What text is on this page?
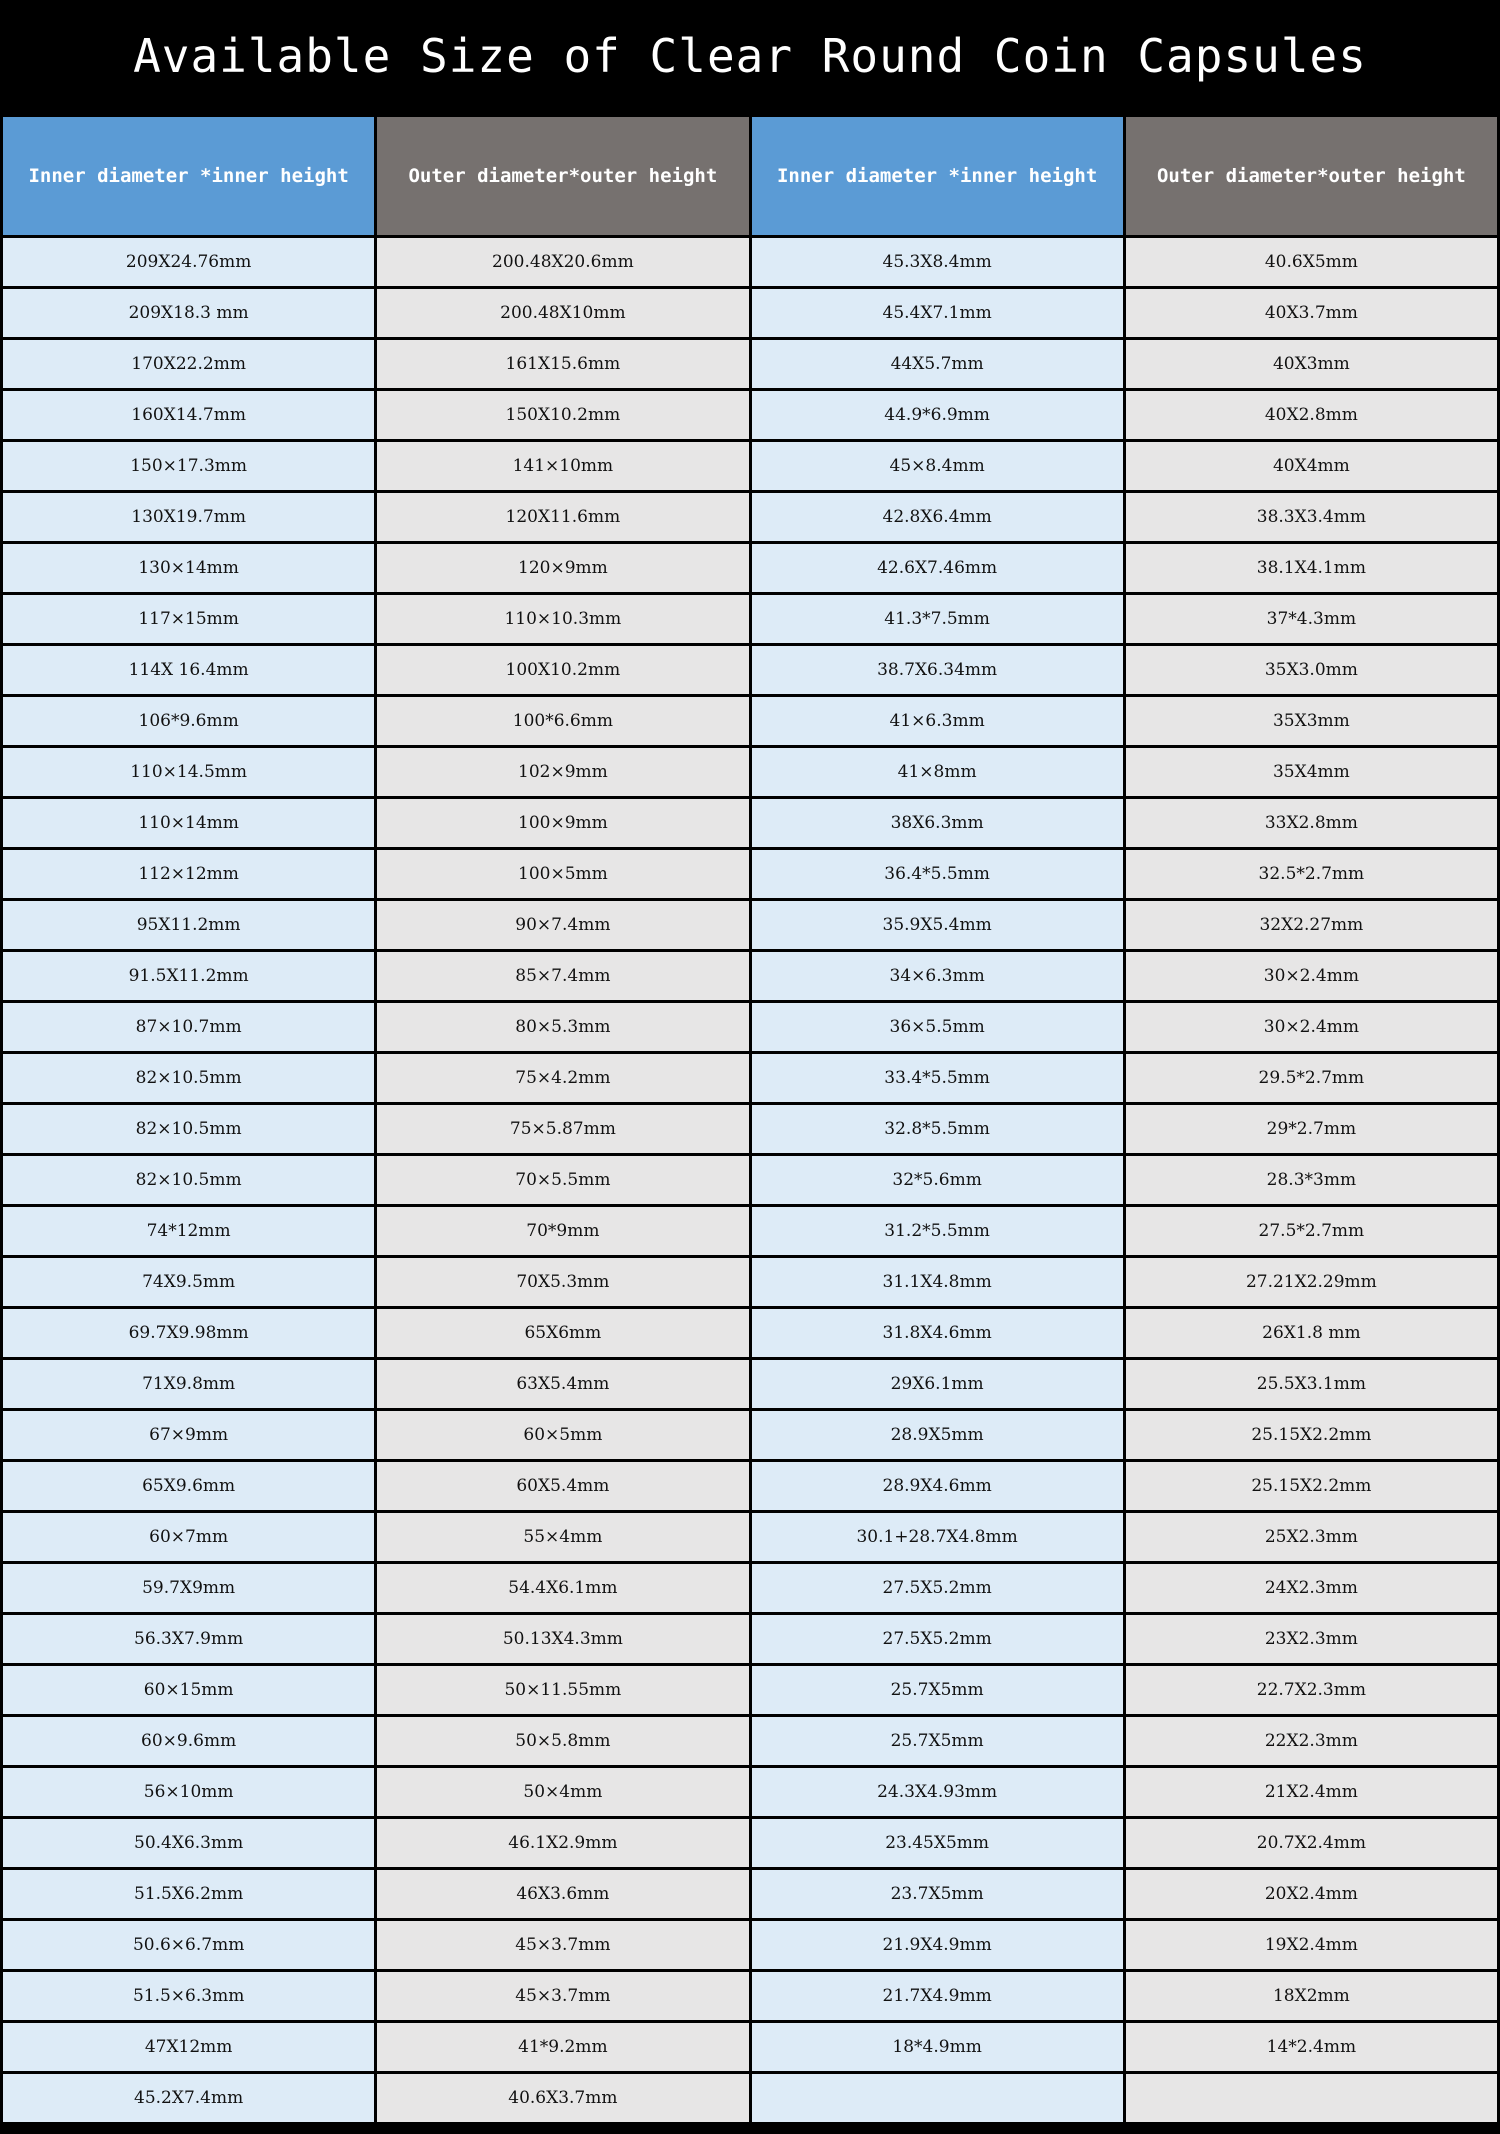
Available Size of Clear Round Coin Capsules
Inner diameter *inner height	Outer diameter*outer height	Inner diameter *inner height	Outer diameter*outer height
209X24.76mm	200.48X20.6mm	45.3X8.4mm	40.6X5mm
209X18.3 mm	200.48X10mm	45.4X7.1mm	40X3.7mm
170X22.2mm	161X15.6mm	44X5.7mm	40X3mm
160X14.7mm	150X10.2mm	44.9*6.9mm	40X2.8mm
150×17.3mm	141×10mm	45×8.4mm	40X4mm
130X19.7mm	120X11.6mm	42.8X6.4mm	38.3X3.4mm
130×14mm	120×9mm	42.6X7.46mm	38.1X4.1mm
117×15mm	110×10.3mm	41.3*7.5mm	37*4.3mm
114X 16.4mm	100X10.2mm	38.7X6.34mm	35X3.0mm
106*9.6mm	100*6.6mm	41×6.3mm	35X3mm
110×14.5mm	102×9mm	41×8mm	35X4mm
110×14mm	100×9mm	38X6.3mm	33X2.8mm
112×12mm	100×5mm	36.4*5.5mm	32.5*2.7mm
95X11.2mm	90×7.4mm	35.9X5.4mm	32X2.27mm
91.5X11.2mm	85×7.4mm	34×6.3mm	30×2.4mm
87×10.7mm	80×5.3mm	36×5.5mm	30×2.4mm
82×10.5mm	75×4.2mm	33.4*5.5mm	29.5*2.7mm
82×10.5mm	75×5.87mm	32.8*5.5mm	29*2.7mm
82×10.5mm	70×5.5mm	32*5.6mm	28.3*3mm
74*12mm	70*9mm	31.2*5.5mm	27.5*2.7mm
74X9.5mm	70X5.3mm	31.1X4.8mm	27.21X2.29mm
69.7X9.98mm	65X6mm	31.8X4.6mm	26X1.8 mm
71X9.8mm	63X5.4mm	29X6.1mm	25.5X3.1mm
67×9mm	60×5mm	28.9X5mm	25.15X2.2mm
65X9.6mm	60X5.4mm	28.9X4.6mm	25.15X2.2mm
60×7mm	55×4mm	30.1+28.7X4.8mm	25X2.3mm
59.7X9mm	54.4X6.1mm	27.5X5.2mm	24X2.3mm
56.3X7.9mm	50.13X4.3mm	27.5X5.2mm	23X2.3mm
60×15mm	50×11.55mm	25.7X5mm	22.7X2.3mm
60×9.6mm	50×5.8mm	25.7X5mm	22X2.3mm
56×10mm	50×4mm	24.3X4.93mm	21X2.4mm
50.4X6.3mm	46.1X2.9mm	23.45X5mm	20.7X2.4mm
51.5X6.2mm	46X3.6mm	23.7X5mm	20X2.4mm
50.6×6.7mm	45×3.7mm	21.9X4.9mm	19X2.4mm
51.5×6.3mm	45×3.7mm	21.7X4.9mm	18X2mm
47X12mm	41*9.2mm	18*4.9mm	14*2.4mm
45.2X7.4mm	40.6X3.7mm		
